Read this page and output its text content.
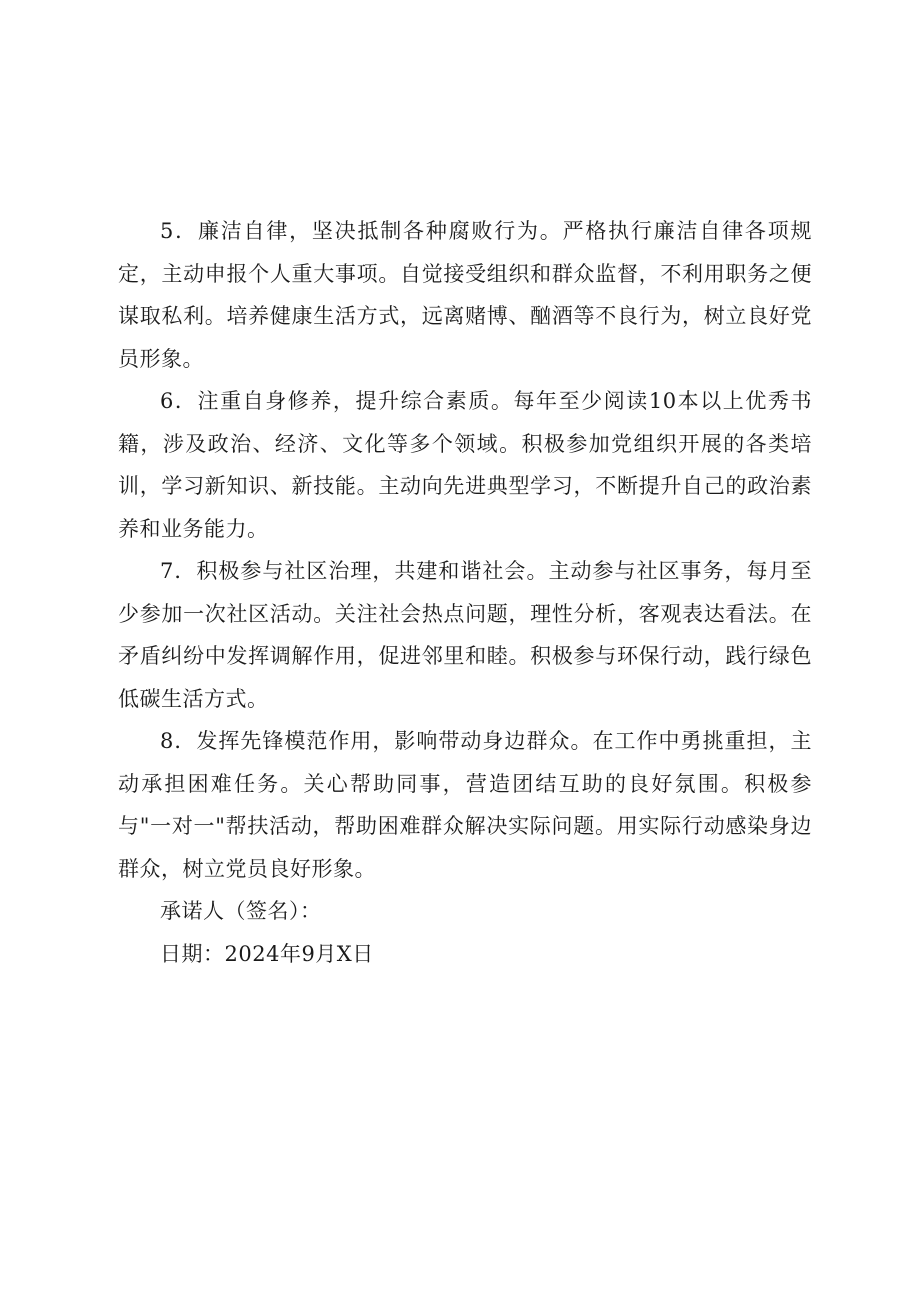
5．廉洁自律，坚决抵制各种腐败行为。严格执行廉洁自律各项规定，主动申报个人重大事项。自觉接受组织和群众监督，不利用职务之便谋取私利。培养健康生活方式，远离赌博、酗酒等不良行为，树立良好党员形象。

6．注重自身修养，提升综合素质。每年至少阅读10本以上优秀书籍，涉及政治、经济、文化等多个领域。积极参加党组织开展的各类培训，学习新知识、新技能。主动向先进典型学习，不断提升自己的政治素养和业务能力。

7．积极参与社区治理，共建和谐社会。主动参与社区事务，每月至少参加一次社区活动。关注社会热点问题，理性分析，客观表达看法。在矛盾纠纷中发挥调解作用，促进邻里和睦。积极参与环保行动，践行绿色低碳生活方式。

8．发挥先锋模范作用，影响带动身边群众。在工作中勇挑重担，主动承担困难任务。关心帮助同事，营造团结互助的良好氛围。积极参与"一对一"帮扶活动，帮助困难群众解决实际问题。用实际行动感染身边群众，树立党员良好形象。

承诺人（签名）：

日期：2024年9月X日
